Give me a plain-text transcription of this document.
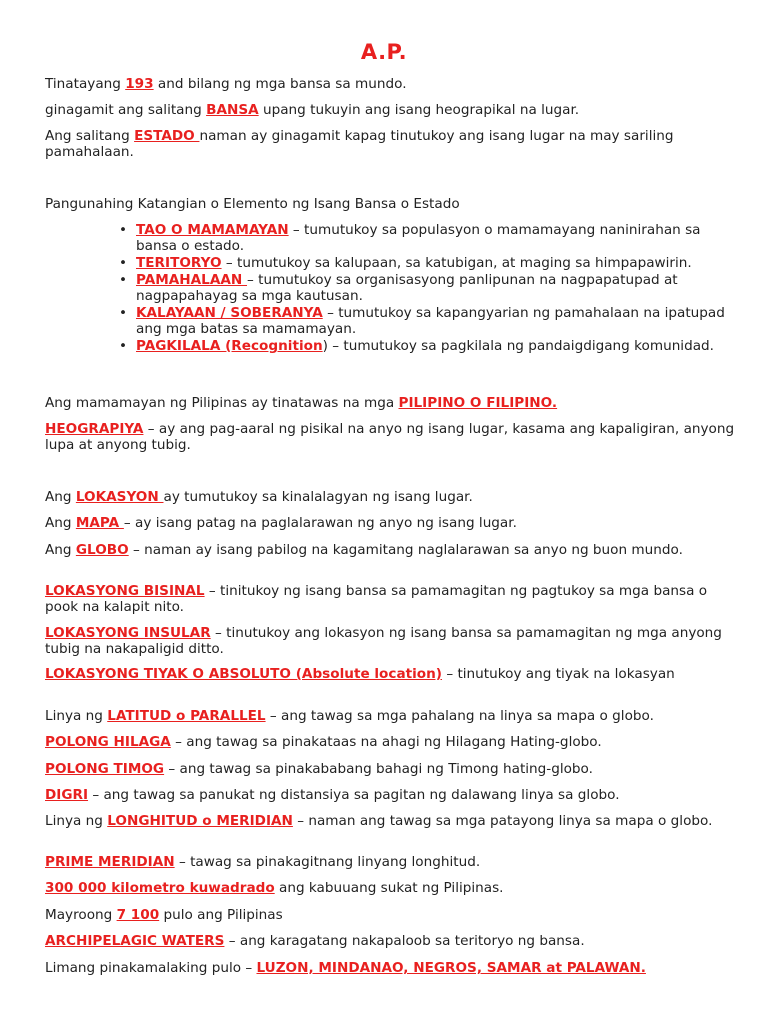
A.P.

Tinatayang 193 and bilang ng mga bansa sa mundo.

ginagamit ang salitang BANSA upang tukuyin ang isang heograpikal na lugar.

Ang salitang ESTADO naman ay ginagamit kapag tinutukoy ang isang lugar na may sariling pamahalaan.

Pangunahing Katangian o Elemento ng Isang Bansa o Estado

• TAO O MAMAMAYAN – tumutukoy sa populasyon o mamamayang naninirahan sa bansa o estado.
• TERITORYO – tumutukoy sa kalupaan, sa katubigan, at maging sa himpapawirin.
• PAMAHALAAN – tumutukoy sa organisasyong panlipunan na nagpapatupad at nagpapahayag sa mga kautusan.
• KALAYAAN / SOBERANYA – tumutukoy sa kapangyarian ng pamahalaan na ipatupad ang mga batas sa mamamayan.
• PAGKILALA (Recognition) – tumutukoy sa pagkilala ng pandaigdigang komunidad.

Ang mamamayan ng Pilipinas ay tinatawas na mga PILIPINO O FILIPINO.

HEOGRAPIYA – ay ang pag-aaral ng pisikal na anyo ng isang lugar, kasama ang kapaligiran, anyong lupa at anyong tubig.

Ang LOKASYON ay tumutukoy sa kinalalagyan ng isang lugar.

Ang MAPA – ay isang patag na paglalarawan ng anyo ng isang lugar.

Ang GLOBO – naman ay isang pabilog na kagamitang naglalarawan sa anyo ng buon mundo.

LOKASYONG BISINAL – tinitukoy ng isang bansa sa pamamagitan ng pagtukoy sa mga bansa o pook na kalapit nito.

LOKASYONG INSULAR – tinutukoy ang lokasyon ng isang bansa sa pamamagitan ng mga anyong tubig na nakapaligid ditto.

LOKASYONG TIYAK O ABSOLUTO (Absolute location) – tinutukoy ang tiyak na lokasyan

Linya ng LATITUD o PARALLEL – ang tawag sa mga pahalang na linya sa mapa o globo.

POLONG HILAGA – ang tawag sa pinakataas na ahagi ng Hilagang Hating-globo.

POLONG TIMOG – ang tawag sa pinakababang bahagi ng Timong hating-globo.

DIGRI – ang tawag sa panukat ng distansiya sa pagitan ng dalawang linya sa globo.

Linya ng LONGHITUD o MERIDIAN – naman ang tawag sa mga patayong linya sa mapa o globo.

PRIME MERIDIAN – tawag sa pinakagitnang linyang longhitud.

300 000 kilometro kuwadrado ang kabuuang sukat ng Pilipinas.

Mayroong 7 100 pulo ang Pilipinas

ARCHIPELAGIC WATERS – ang karagatang nakapaloob sa teritoryo ng bansa.

Limang pinakamalaking pulo – LUZON, MINDANAO, NEGROS, SAMAR at PALAWAN.
